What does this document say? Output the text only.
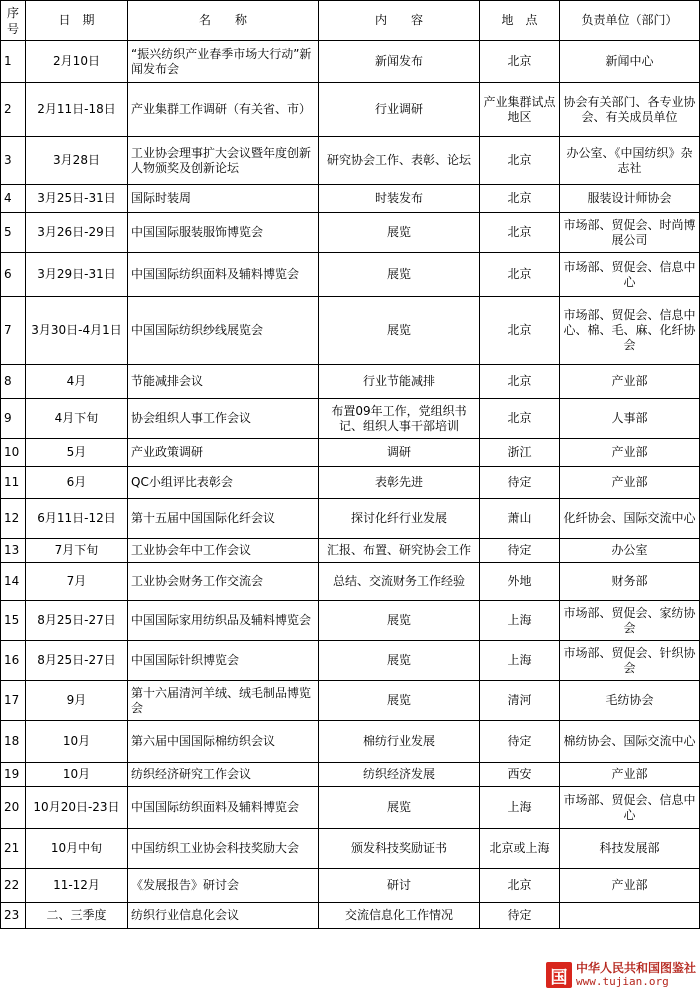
序号	日　期	名　　称	内　　容	地　点	负责单位（部门）
1	2月10日	“振兴纺织产业春季市场大行动”新闻发布会	新闻发布	北京	新闻中心
2	2月11日-18日	产业集群工作调研（有关省、市）	行业调研	产业集群试点地区	协会有关部门、各专业协会、有关成员单位
3	3月28日	工业协会理事扩大会议暨年度创新人物颁奖及创新论坛	研究协会工作、表彰、论坛	北京	办公室、《中国纺织》杂志社
4	3月25日-31日	国际时装周	时装发布	北京	服装设计师协会
5	3月26日-29日	中国国际服装服饰博览会	展览	北京	市场部、贸促会、时尚博展公司
6	3月29日-31日	中国国际纺织面料及辅料博览会	展览	北京	市场部、贸促会、信息中心
7	3月30日-4月1日	中国国际纺织纱线展览会	展览	北京	市场部、贸促会、信息中心、棉、毛、麻、化纤协会
8	4月	节能减排会议	行业节能减排	北京	产业部
9	4月下旬	协会组织人事工作会议	布置09年工作，党组织书记、组织人事干部培训	北京	人事部
10	5月	产业政策调研	调研	浙江	产业部
11	6月	QC小组评比表彰会	表彰先进	待定	产业部
12	6月11日-12日	第十五届中国国际化纤会议	探讨化纤行业发展	萧山	化纤协会、国际交流中心
13	7月下旬	工业协会年中工作会议	汇报、布置、研究协会工作	待定	办公室
14	7月	工业协会财务工作交流会	总结、交流财务工作经验	外地	财务部
15	8月25日-27日	中国国际家用纺织品及辅料博览会	展览	上海	市场部、贸促会、家纺协会
16	8月25日-27日	中国国际针织博览会	展览	上海	市场部、贸促会、针织协会
17	9月	第十六届清河羊绒、绒毛制品博览会	展览	清河	毛纺协会
18	10月	第六届中国国际棉纺织会议	棉纺行业发展	待定	棉纺协会、国际交流中心
19	10月	纺织经济研究工作会议	纺织经济发展	西安	产业部
20	10月20日-23日	中国国际纺织面料及辅料博览会	展览	上海	市场部、贸促会、信息中心
21	10月中旬	中国纺织工业协会科技奖励大会	颁发科技奖励证书	北京或上海	科技发展部
22	11-12月	《发展报告》研讨会	研讨	北京	产业部
23	二、三季度	纺织行业信息化会议	交流信息化工作情况	待定	
国 中华人民共和国图鉴社
www.tujian.org
